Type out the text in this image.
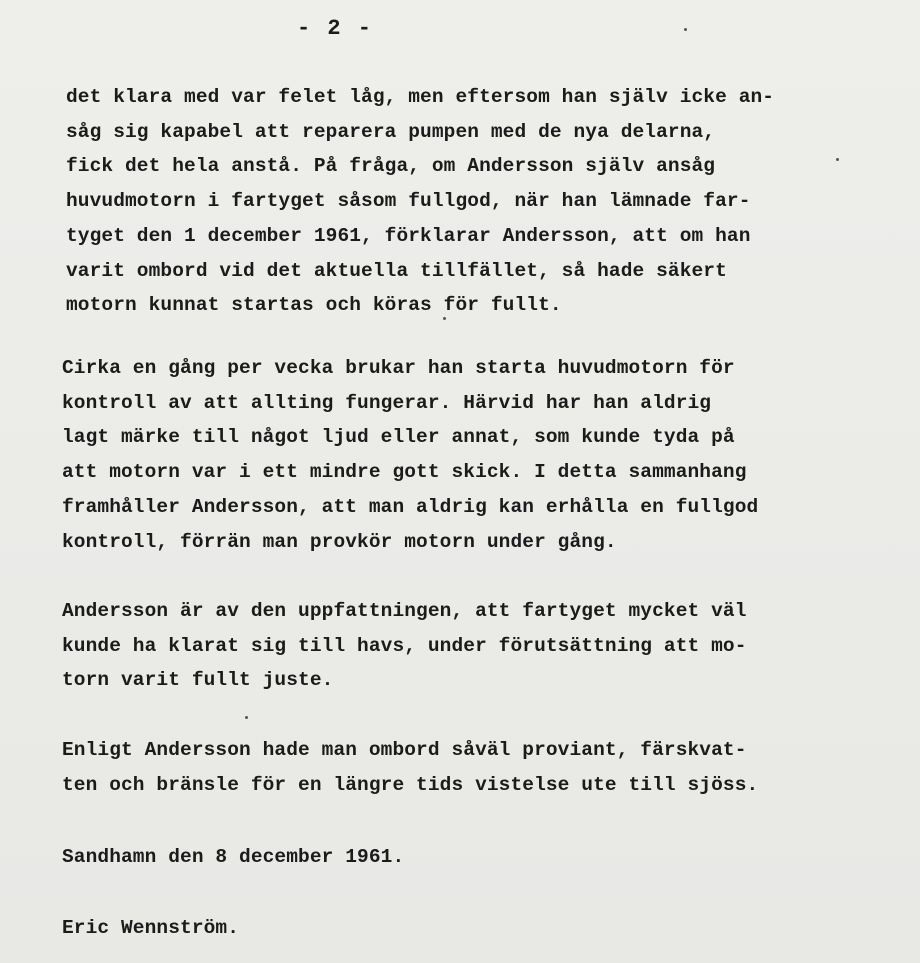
- 2 -
det klara med var felet låg, men eftersom han själv icke an-
såg sig kapabel att reparera pumpen med de nya delarna,
fick det hela anstå. På fråga, om Andersson själv ansåg
huvudmotorn i fartyget såsom fullgod, när han lämnade far-
tyget den 1 december 1961, förklarar Andersson, att om han
varit ombord vid det aktuella tillfället, så hade säkert
motorn kunnat startas och köras för fullt.
Cirka en gång per vecka brukar han starta huvudmotorn för
kontroll av att allting fungerar. Härvid har han aldrig
lagt märke till något ljud eller annat, som kunde tyda på
att motorn var i ett mindre gott skick. I detta sammanhang
framhåller Andersson, att man aldrig kan erhålla en fullgod
kontroll, förrän man provkör motorn under gång.
Andersson är av den uppfattningen, att fartyget mycket väl
kunde ha klarat sig till havs, under förutsättning att mo-
torn varit fullt juste.
Enligt Andersson hade man ombord såväl proviant, färskvat-
ten och bränsle för en längre tids vistelse ute till sjöss.
Sandhamn den 8 december 1961.
Eric Wennström.
